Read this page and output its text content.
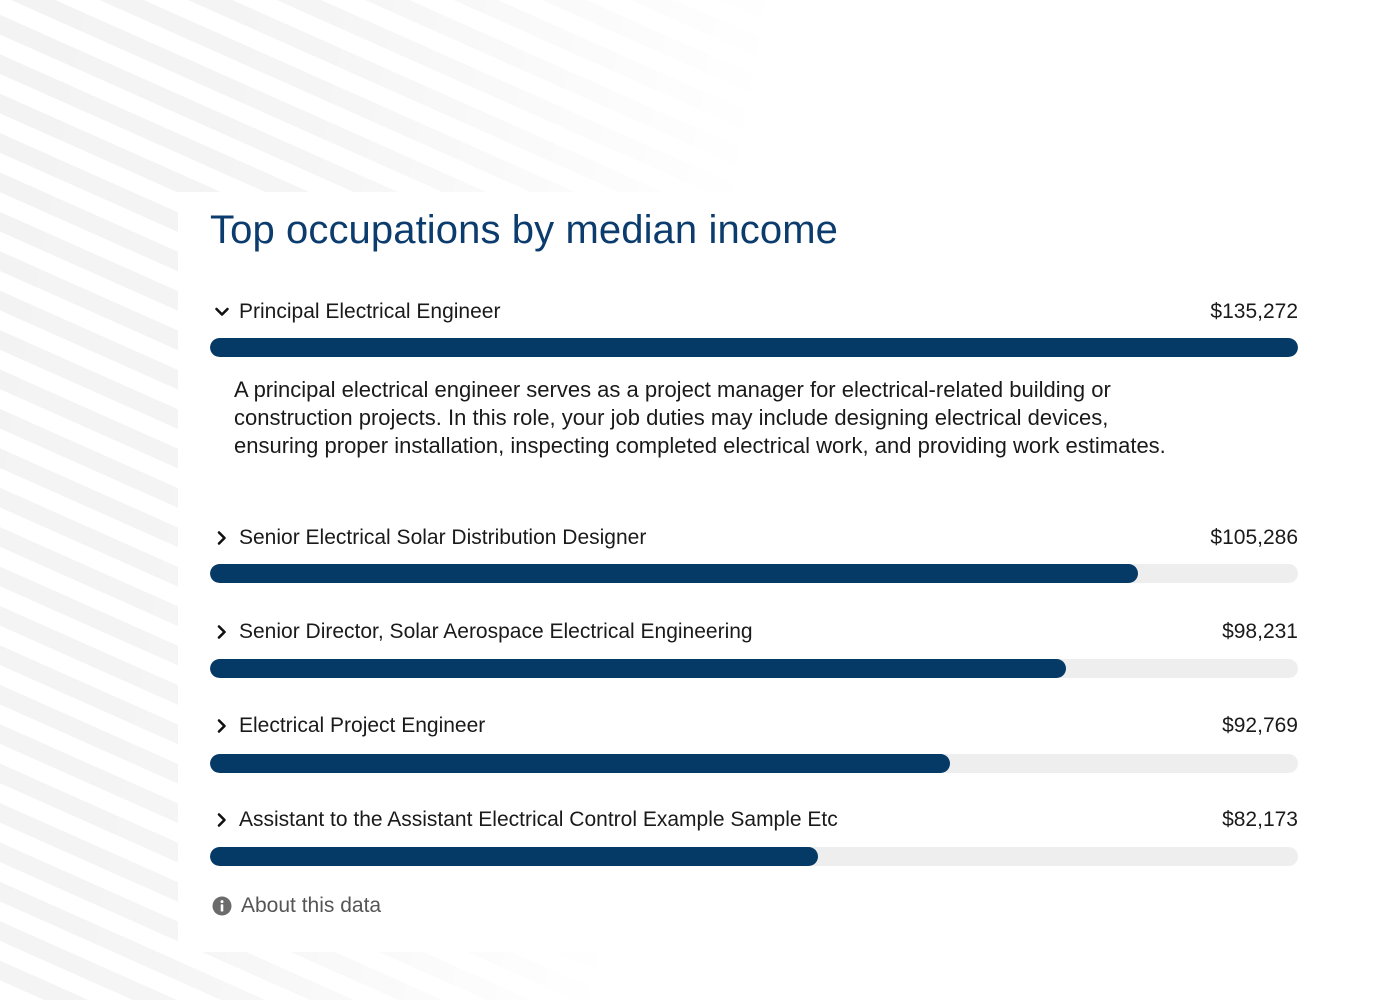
Top occupations by median income
Principal Electrical Engineer	$135,272

A principal electrical engineer serves as a project manager for electrical-related building or construction projects. In this role, your job duties may include designing electrical devices, ensuring proper installation, inspecting completed electrical work, and providing work estimates.

Senior Electrical Solar Distribution Designer	$105,286
Senior Director, Solar Aerospace Electrical Engineering	$98,231
Electrical Project Engineer	$92,769
Assistant to the Assistant Electrical Control Example Sample Etc	$82,173
About this data
